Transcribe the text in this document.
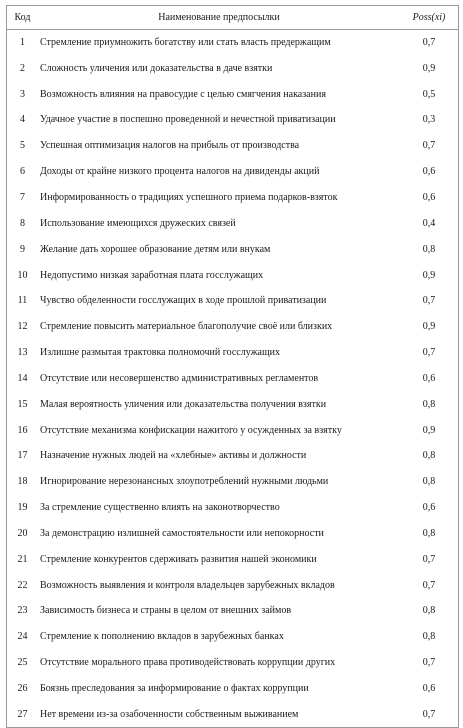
Код	Наименование предпосылки	Poss(xi)
1	Стремление приумножить богатству или стать власть предержащим	0,7
2	Сложность уличения или доказательства в даче взятки	0,9
3	Возможность влияния на правосудие с целью смягчения наказания	0,5
4	Удачное участие в поспешно проведенной и нечестной приватизации	0,3
5	Успешная оптимизация налогов на прибыль от производства	0,7
6	Доходы от крайне низкого процента налогов на дивиденды акций	0,6
7	Информированность о традициях успешного приема подарков-взяток	0,6
8	Использование имеющихся дружеских связей	0,4
9	Желание дать хорошее образование детям или внукам	0,8
10	Недопустимо низкая заработная плата госслужащих	0,9
11	Чувство обделенности госслужащих в ходе прошлой приватизации	0,7
12	Стремление повысить материальное благополучие своё или близких	0,9
13	Излишне размытая трактовка полномочий госслужащих	0,7
14	Отсутствие или несовершенство административных регламентов	0,6
15	Малая вероятность уличения или доказательства получения взятки	0,8
16	Отсутствие механизма конфискации нажитого у осужденных за взятку	0,9
17	Назначение нужных людей на «хлебные» активы и должности	0,8
18	Игнорирование нерезонансных злоупотреблений нужными людьми	0,8
19	За стремление существенно влиять на законотворчество	0,6
20	За демонстрацию излишней самостоятельности или непокорности	0,8
21	Стремление конкурентов сдерживать развития нашей экономики	0,7
22	Возможность выявления и контроля владельцев зарубежных вкладов	0,7
23	Зависимость бизнеса и страны в целом от внешних займов	0,8
24	Стремление к пополнению вкладов в зарубежных банках	0,8
25	Отсутствие морального права противодействовать коррупции других	0,7
26	Боязнь преследования за информирование о фактах коррупции	0,6
27	Нет времени из-за озабоченности собственным выживанием	0,7
